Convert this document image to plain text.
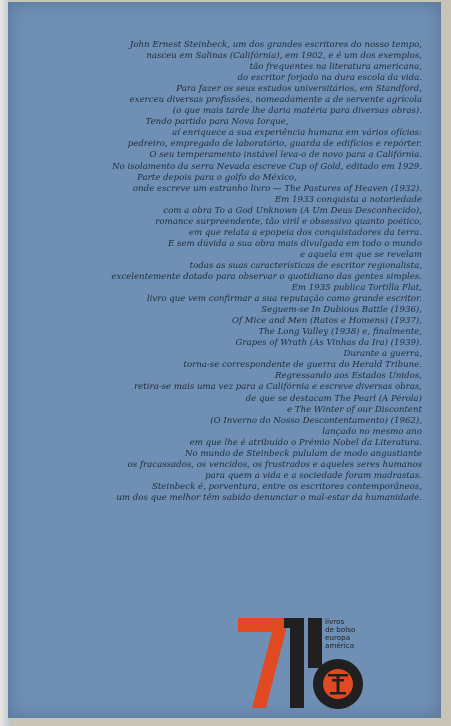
John Ernest Steinbeck, um dos grandes escritores do nosso tempo,
nasceu em Salinas (Califórnia), em 1902, e é um dos exemplos,
tão frequentes na literatura americana,
do escritor forjado na dura escola da vida.
Para fazer os seus estudos universitários, em Standford,
exerceu diversas profissões, nomeadamente a de servente agrícola
(o que mais tarde lhe daria matéria para diversas obras).
Tendo partido para Nova Iorque,
aí enriquece a sua experiência humana em vários ofícios:
pedreiro, empregado de laboratório, guarda de edifícios e repórter.
O seu temperamento instável leva-o de novo para a Califórnia.
No isolamento da serra Nevada escreve Cup of Gold, editado em 1929.
Parte depois para o golfo do México,
onde escreve um estranho livro — The Pastures of Heaven (1932).
Em 1933 conquista a notoriedade
com a obra To a God Unknown (A Um Deus Desconhecido),
romance surpreendente, tão viril e obsessivo quanto poético,
em que relata a epopeia dos conquistadores da terra.
É sem dúvida a sua obra mais divulgada em todo o mundo
e aquela em que se revelam
todas as suas características de escritor regionalista,
excelentemente dotado para observar o quotidiano das gentes simples.
Em 1935 publica Tortilla Flat,
livro que vem confirmar a sua reputação como grande escritor.
Seguem-se In Dubious Battle (1936),
Of Mice and Men (Ratos e Homens) (1937),
The Long Valley (1938) e, finalmente,
Grapes of Wrath (As Vinhas da Ira) (1939).
Durante a guerra,
torna-se correspondente de guerra do Herald Tribune.
Regressando aos Estados Unidos,
retira-se mais uma vez para a Califórnia e escreve diversas obras,
de que se destacam The Pearl (A Pérola)
e The Winter of our Discontent
(O Inverno do Nosso Descontentamento) (1962),
lançado no mesmo ano
em que lhe é atribuído o Prémio Nobel da Literatura.
No mundo de Steinbeck pululam de modo angustiante
os fracassados, os vencidos, os frustrados e aqueles seres humanos
para quem a vida e a sociedade foram madrastas.
Steinbeck é, porventura, entre os escritores contemporâneos,
um dos que melhor têm sabido denunciar o mal-estar da humanidade.
livros
de bolso
europa
américa
